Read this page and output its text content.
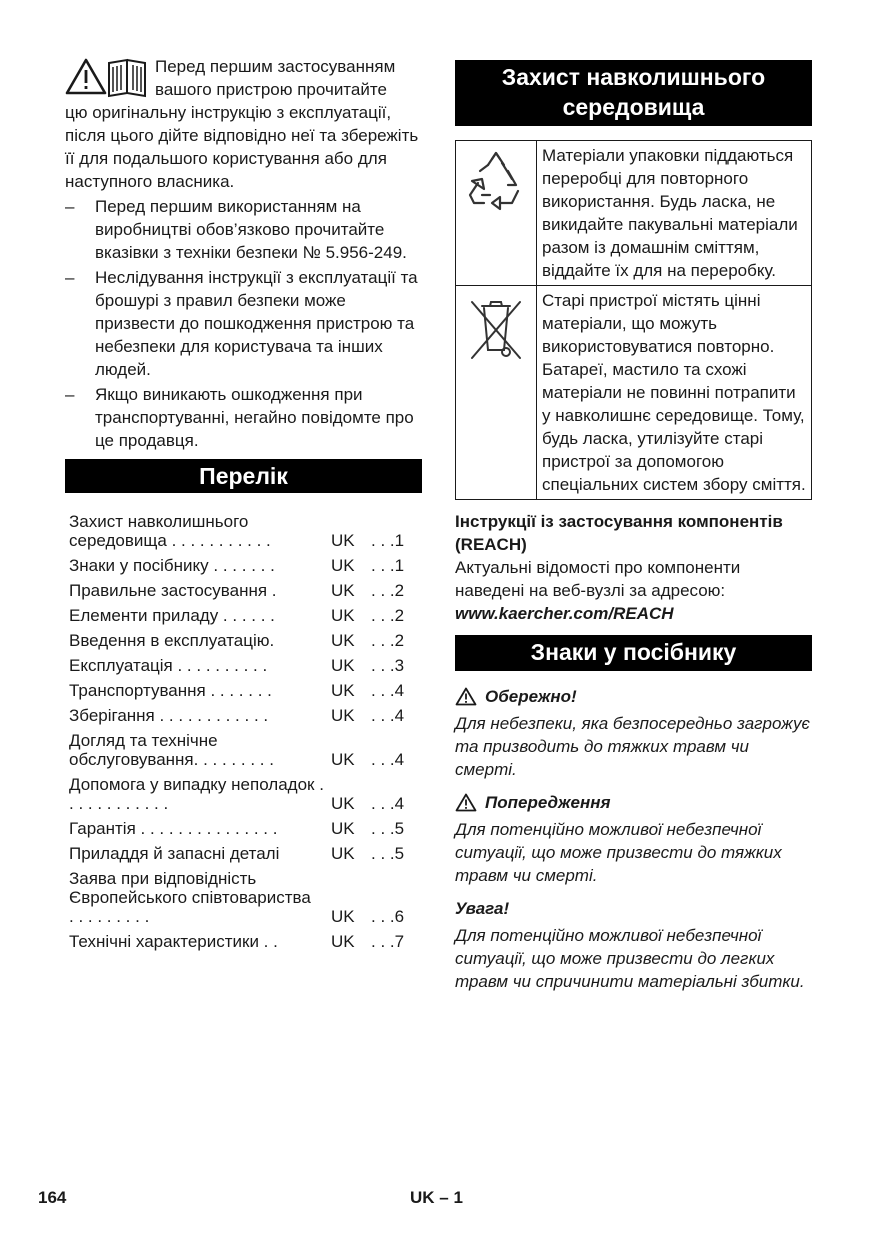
Перед першим застосуванням

вашого пристрою прочитайте

цю оригінальну інструкцію з експлуатації, після цього дійте відповідно неї та збережіть її для подальшого користування або для наступного власника.

– Перед першим використанням на виробництві обов’язково прочитайте вказівки з техніки безпеки № 5.956-249.
– Неслідування інструкції з експлуатації та брошурі з правил безпеки може призвести до пошкодження пристрою та небезпеки для користувача та інших людей.
– Якщо виникають ошкодження при транспортуванні, негайно повідомте про це продавця.
Перелік
Захист навколишнього середовища . . . . . . . . . . .	UK . . .1
Знаки у посібнику . . . . . . .	UK . . .1
Правильне застосування .	UK . . .2
Елементи приладу . . . . . .	UK . . .2
Введення в експлуатацію.	UK . . .2
Експлуатація . . . . . . . . . .	UK . . .3
Транспортування . . . . . . .	UK . . .4
Зберігання . . . . . . . . . . . .	UK . . .4
Догляд та технічне обслуговування. . . . . . . . .	UK . . .4
Допомога у випадку неполадок . . . . . . . . . . . .	UK . . .4
Гарантія . . . . . . . . . . . . . . .	UK . . .5
Приладдя й запасні деталі	UK . . .5
Заява при відповідність Європейського співтовариства . . . . . . . . .	UK . . .6
Технічні характеристики . .	UK . . .7
Захист навколишнього середовища
	Матеріали упаковки піддаються переробці для повторного використання. Будь ласка, не викидайте пакувальні матеріали разом із домашнім сміттям, віддайте їх для на переробку.
	Старі пристрої містять цінні матеріали, що можуть використовуватися повторно. Батареї, мастило та схожі матеріали не повинні потрапити у навколишнє середовище. Тому, будь ласка, утилізуйте старі пристрої за допомогою спеціальних систем збору сміття.
Інструкції із застосування компонентів (REACH)
Актуальні відомості про компоненти наведені на веб-вузлі за адресою:
www.kaercher.com/REACH
Знаки у посібнику
Обережно!
Для небезпеки, яка безпосередньо загрожує та призводить до тяжких травм чи смерті.
Попередження
Для потенційно можливої небезпечної ситуації, що може призвести до тяжких травм чи смерті.
Увага!
Для потенційно можливої небезпечної ситуації, що може призвести до легких травм чи спричинити матеріальні збитки.
164	UK – 1
